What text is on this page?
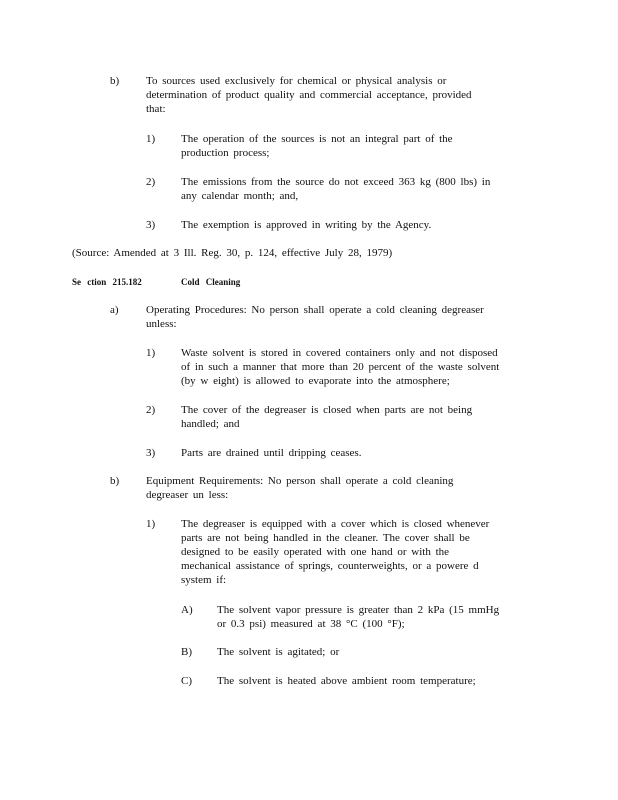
b) To sources used exclusively for chemical or physical analysis or
determination of product quality and commercial acceptance, provided
that:
1) The operation of the sources is not an integral part of the
production process;
2) The emissions from the source do not exceed 363 kg (800 lbs) in
any calendar month; and,
3) The exemption is approved in writing by the Agency.
(Source: Amended at 3 Ill. Reg. 30, p. 124, effective July 28, 1979)
Se ction 215.182	Cold Cleaning
a) Operating Procedures: No person shall operate a cold cleaning degreaser
unless:
1) Waste solvent is stored in covered containers only and not disposed
of in such a manner that more than 20 percent of the waste solvent
(by w eight) is allowed to evaporate into the atmosphere;
2) The cover of the degreaser is closed when parts are not being
handled; and
3) Parts are drained until dripping ceases.
b) Equipment Requirements: No person shall operate a cold cleaning
degreaser un less:
1) The degreaser is equipped with a cover which is closed whenever
parts are not being handled in the cleaner. The cover shall be
designed to be easily operated with one hand or with the
mechanical assistance of springs, counterweights, or a powere d
system if:
A) The solvent vapor pressure is greater than 2 kPa (15 mmHg
or 0.3 psi) measured at 38 °C (100 °F);
B) The solvent is agitated; or
C) The solvent is heated above ambient room temperature;
